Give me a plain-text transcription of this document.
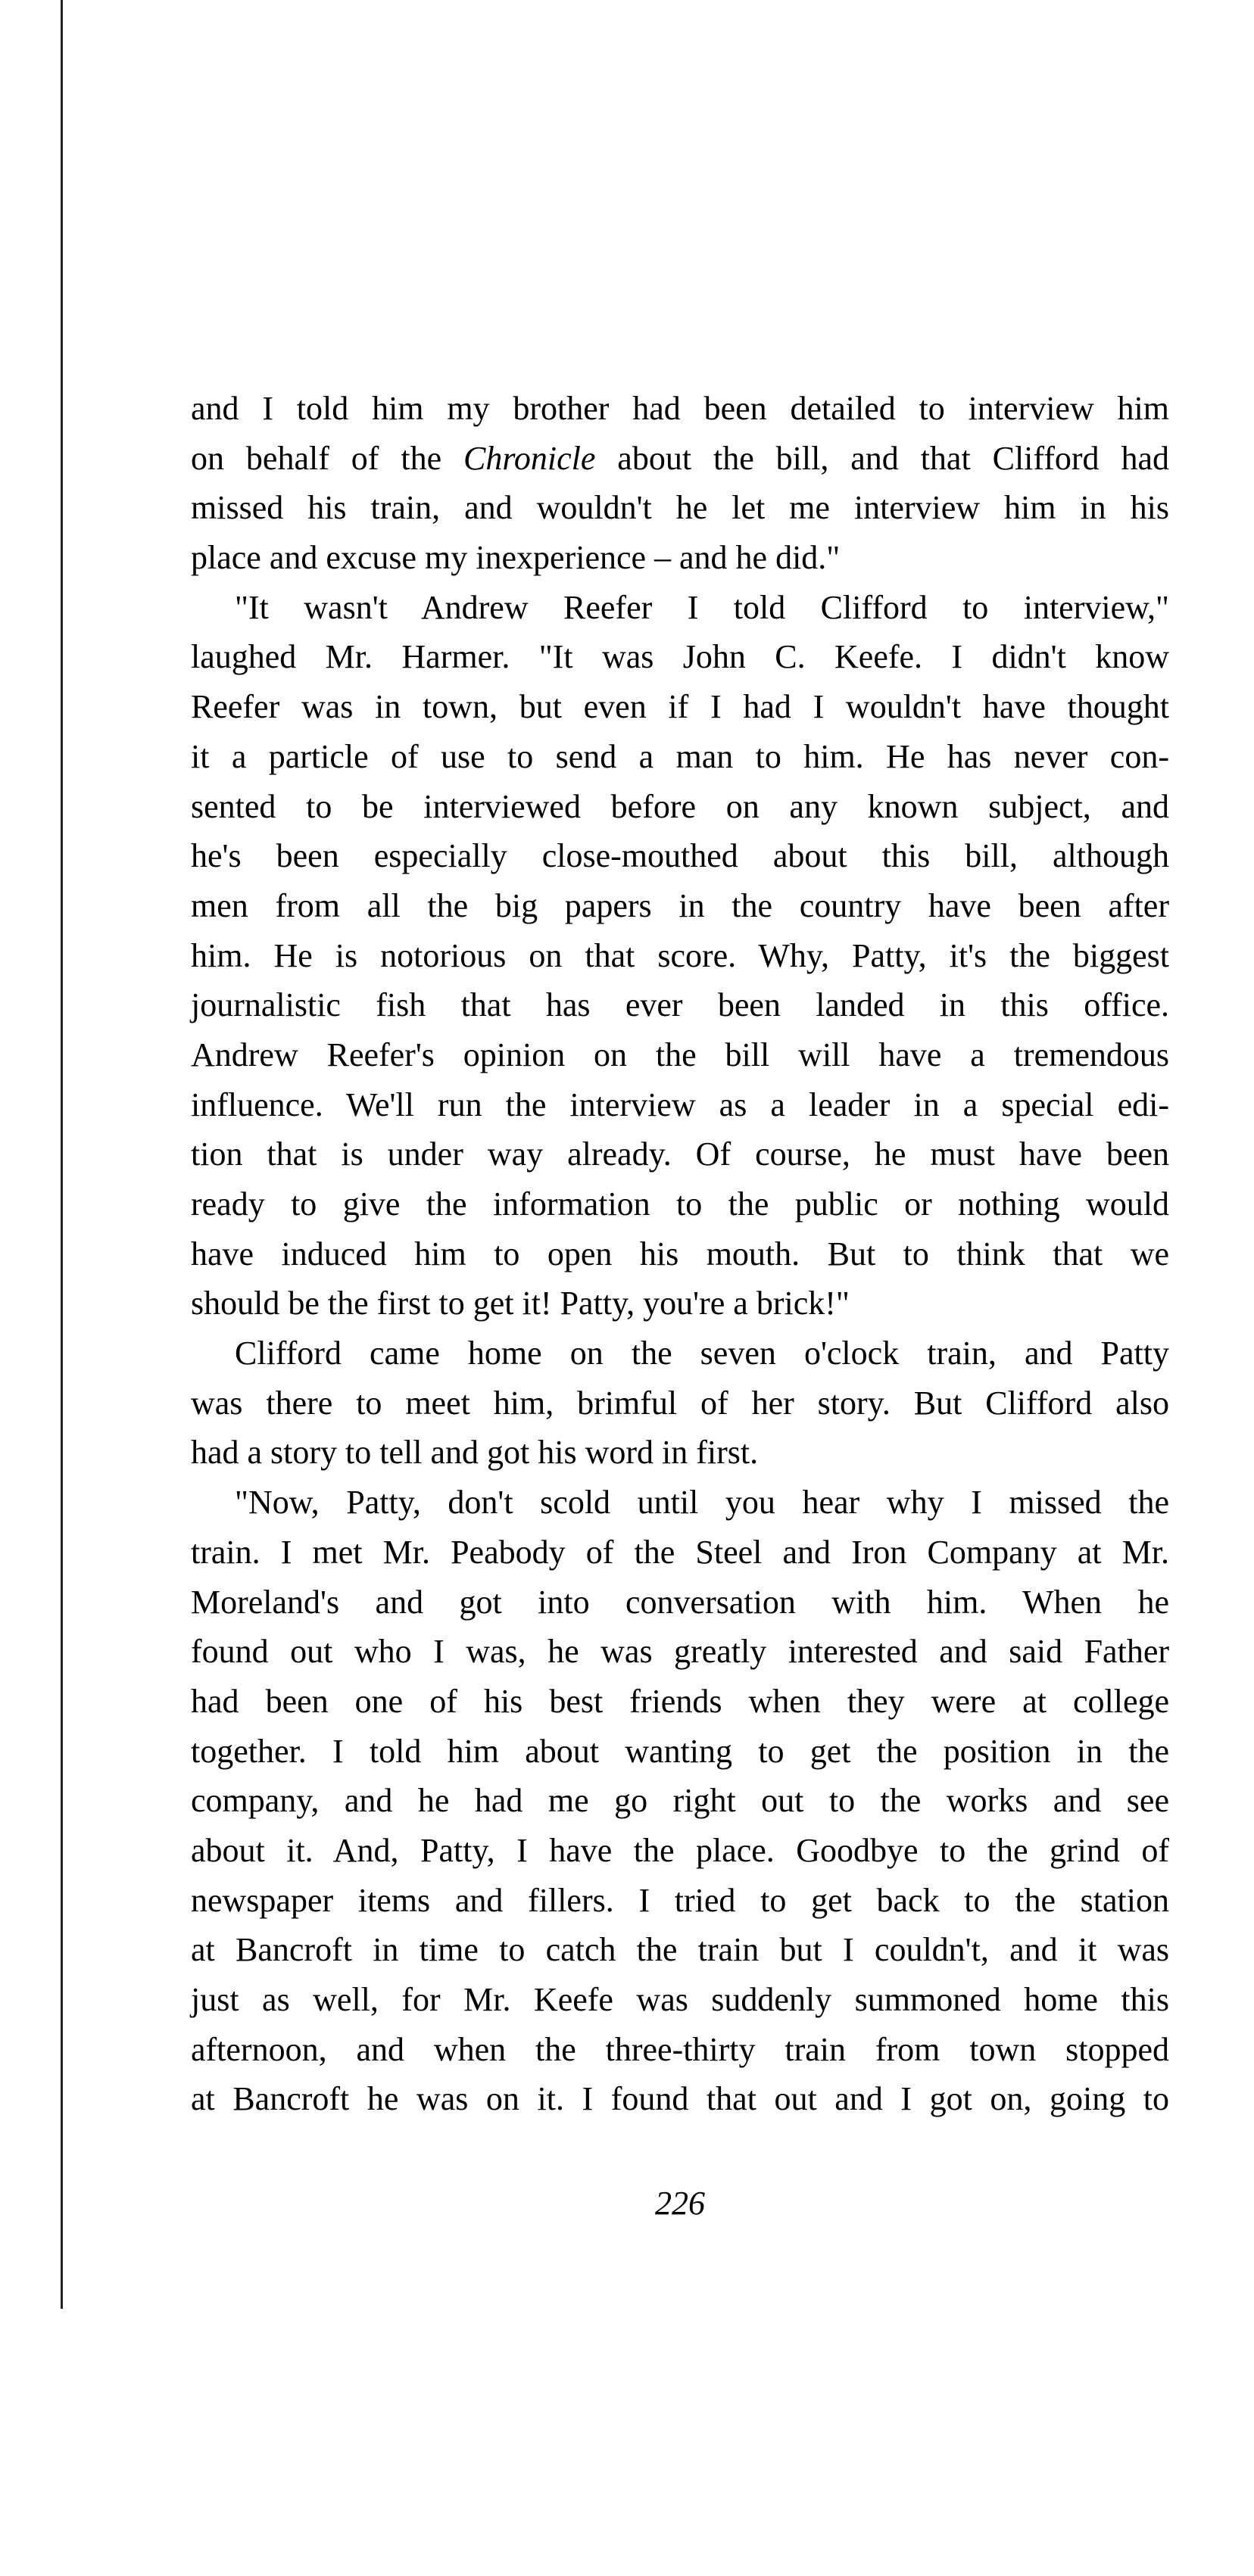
and I told him my brother had been detailed to interview him
on behalf of the Chronicle about the bill, and that Clifford had
missed his train, and wouldn't he let me interview him in his
place and excuse my inexperience – and he did."
"It wasn't Andrew Reefer I told Clifford to interview,"
laughed Mr. Harmer. "It was John C. Keefe. I didn't know
Reefer was in town, but even if I had I wouldn't have thought
it a particle of use to send a man to him. He has never con-
sented to be interviewed before on any known subject, and
he's been especially close-mouthed about this bill, although
men from all the big papers in the country have been after
him. He is notorious on that score. Why, Patty, it's the biggest
journalistic fish that has ever been landed in this office.
Andrew Reefer's opinion on the bill will have a tremendous
influence. We'll run the interview as a leader in a special edi-
tion that is under way already. Of course, he must have been
ready to give the information to the public or nothing would
have induced him to open his mouth. But to think that we
should be the first to get it! Patty, you're a brick!"
Clifford came home on the seven o'clock train, and Patty
was there to meet him, brimful of her story. But Clifford also
had a story to tell and got his word in first.
"Now, Patty, don't scold until you hear why I missed the
train. I met Mr. Peabody of the Steel and Iron Company at Mr.
Moreland's and got into conversation with him. When he
found out who I was, he was greatly interested and said Father
had been one of his best friends when they were at college
together. I told him about wanting to get the position in the
company, and he had me go right out to the works and see
about it. And, Patty, I have the place. Goodbye to the grind of
newspaper items and fillers. I tried to get back to the station
at Bancroft in time to catch the train but I couldn't, and it was
just as well, for Mr. Keefe was suddenly summoned home this
afternoon, and when the three-thirty train from town stopped
at Bancroft he was on it. I found that out and I got on, going to
226
